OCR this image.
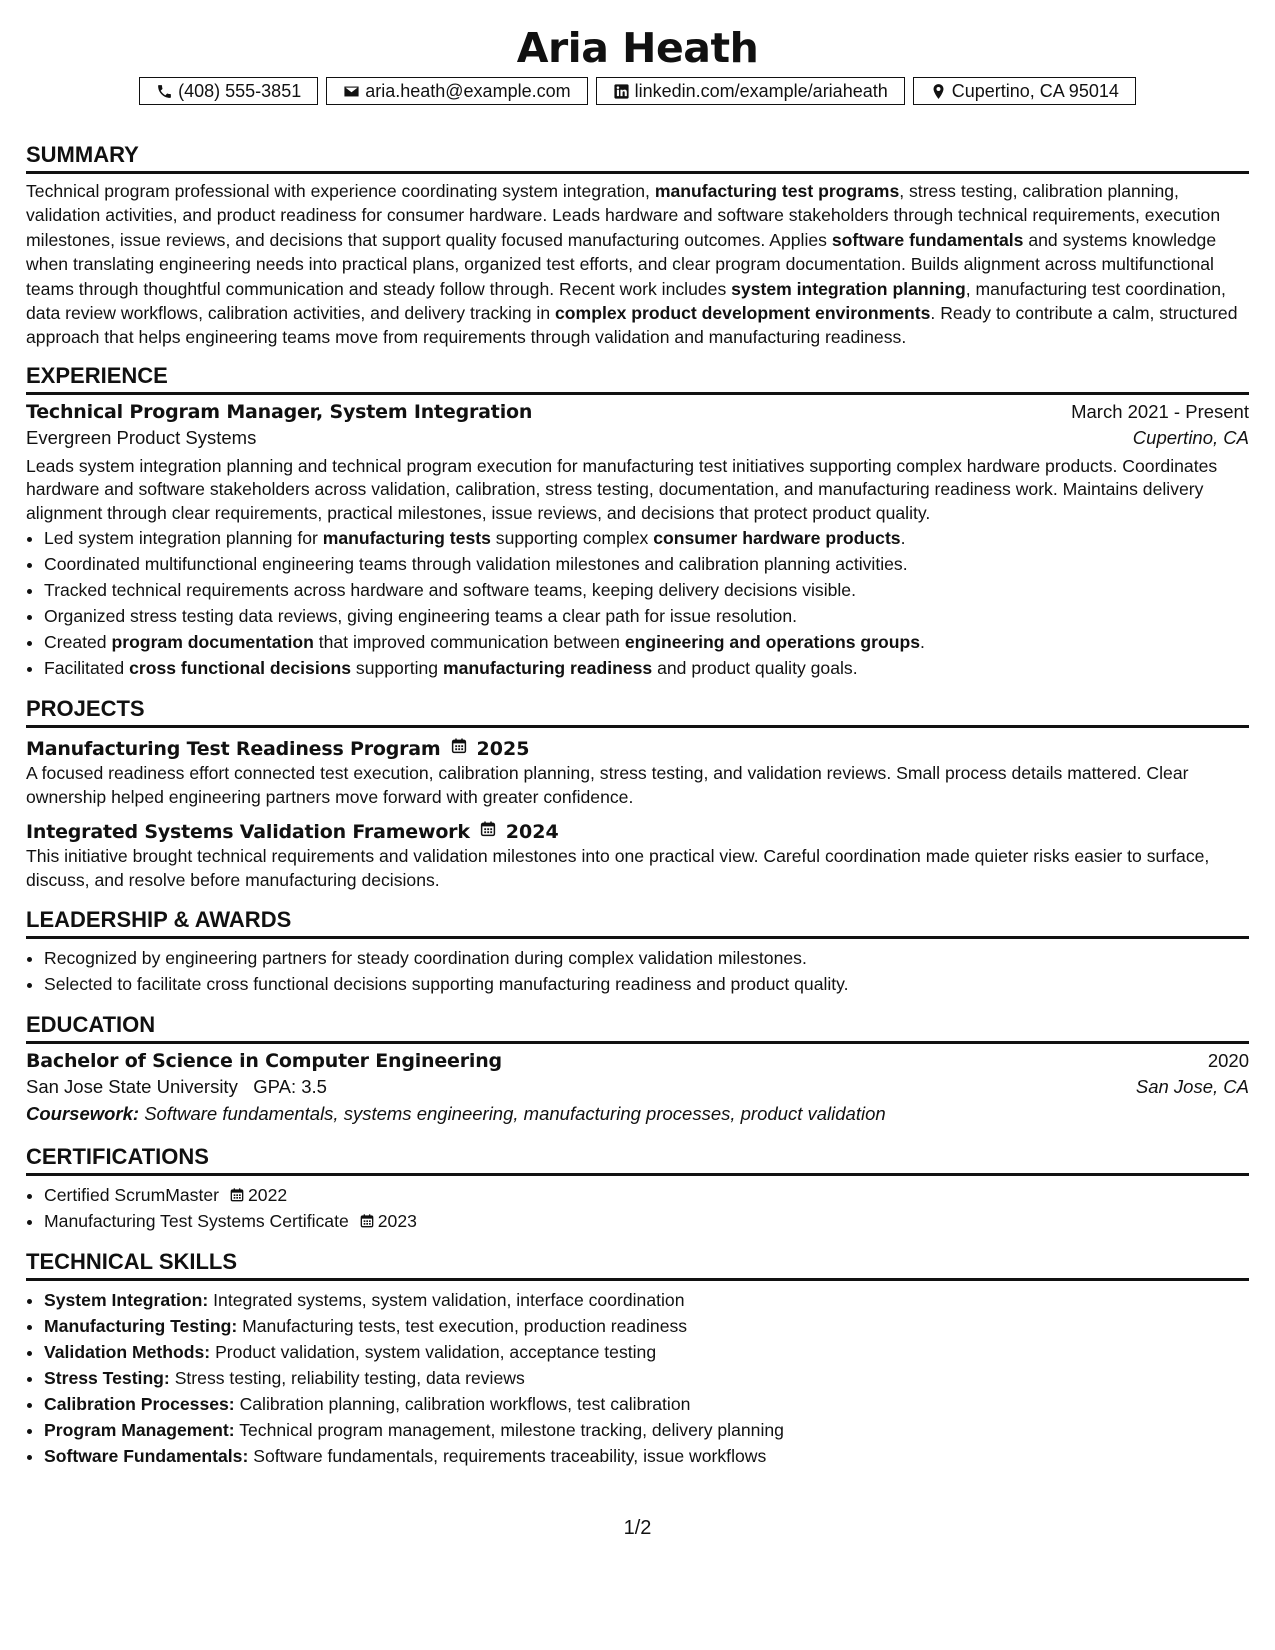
Aria Heath
(408) 555-3851	aria.heath@example.com	linkedin.com/example/ariaheath	Cupertino, CA 95014
SUMMARY
Technical program professional with experience coordinating system integration, manufacturing test programs, stress testing, calibration planning, validation activities, and product readiness for consumer hardware. Leads hardware and software stakeholders through technical requirements, execution milestones, issue reviews, and decisions that support quality focused manufacturing outcomes. Applies software fundamentals and systems knowledge when translating engineering needs into practical plans, organized test efforts, and clear program documentation. Builds alignment across multifunctional teams through thoughtful communication and steady follow through. Recent work includes system integration planning, manufacturing test coordination, data review workflows, calibration activities, and delivery tracking in complex product development environments. Ready to contribute a calm, structured approach that helps engineering teams move from requirements through validation and manufacturing readiness.
EXPERIENCE
Technical Program Manager, System Integration	March 2021 - Present
Evergreen Product Systems	Cupertino, CA
Leads system integration planning and technical program execution for manufacturing test initiatives supporting complex hardware products. Coordinates hardware and software stakeholders across validation, calibration, stress testing, documentation, and manufacturing readiness work. Maintains delivery alignment through clear requirements, practical milestones, issue reviews, and decisions that protect product quality.
• Led system integration planning for manufacturing tests supporting complex consumer hardware products.
• Coordinated multifunctional engineering teams through validation milestones and calibration planning activities.
• Tracked technical requirements across hardware and software teams, keeping delivery decisions visible.
• Organized stress testing data reviews, giving engineering teams a clear path for issue resolution.
• Created program documentation that improved communication between engineering and operations groups.
• Facilitated cross functional decisions supporting manufacturing readiness and product quality goals.
PROJECTS
Manufacturing Test Readiness Program 2025
A focused readiness effort connected test execution, calibration planning, stress testing, and validation reviews. Small process details mattered. Clear ownership helped engineering partners move forward with greater confidence.
Integrated Systems Validation Framework 2024
This initiative brought technical requirements and validation milestones into one practical view. Careful coordination made quieter risks easier to surface, discuss, and resolve before manufacturing decisions.
LEADERSHIP & AWARDS
• Recognized by engineering partners for steady coordination during complex validation milestones.
• Selected to facilitate cross functional decisions supporting manufacturing readiness and product quality.
EDUCATION
Bachelor of Science in Computer Engineering	2020
San Jose State University GPA: 3.5	San Jose, CA
Coursework: Software fundamentals, systems engineering, manufacturing processes, product validation
CERTIFICATIONS
• Certified ScrumMaster 2022
• Manufacturing Test Systems Certificate 2023
TECHNICAL SKILLS
• System Integration: Integrated systems, system validation, interface coordination
• Manufacturing Testing: Manufacturing tests, test execution, production readiness
• Validation Methods: Product validation, system validation, acceptance testing
• Stress Testing: Stress testing, reliability testing, data reviews
• Calibration Processes: Calibration planning, calibration workflows, test calibration
• Program Management: Technical program management, milestone tracking, delivery planning
• Software Fundamentals: Software fundamentals, requirements traceability, issue workflows
1/2
